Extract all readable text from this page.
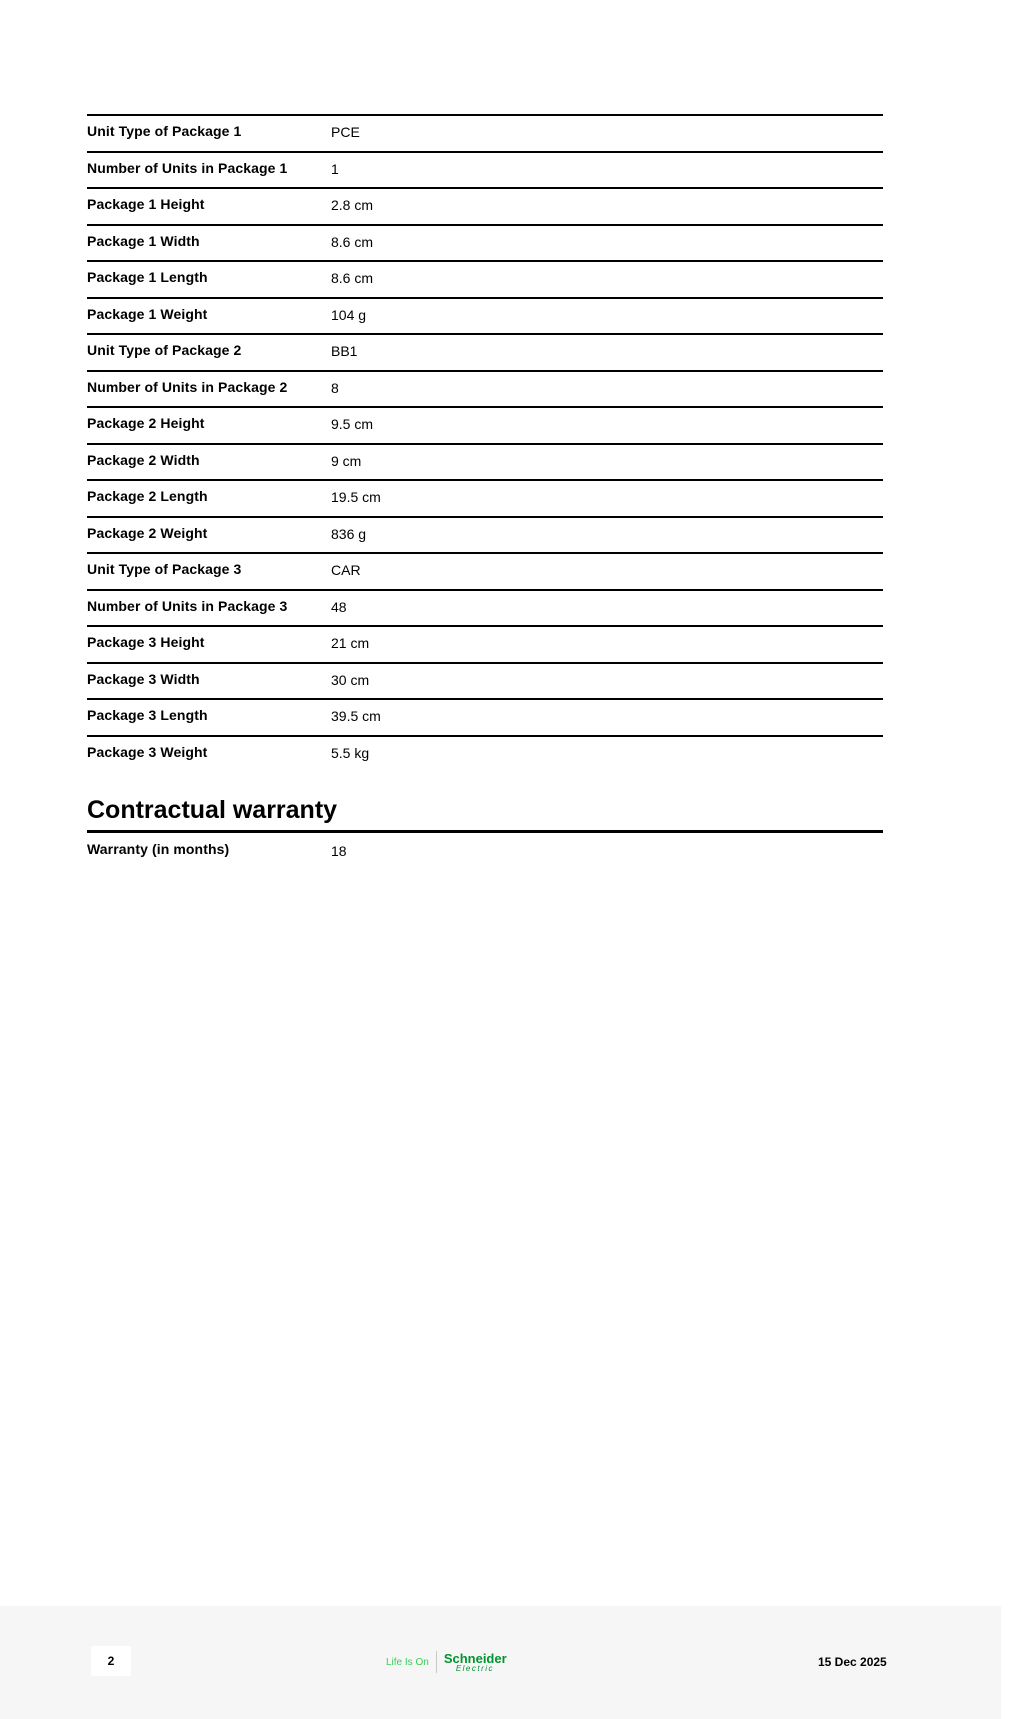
Unit Type of Package 1	PCE
Number of Units in Package 1	1
Package 1 Height	2.8 cm
Package 1 Width	8.6 cm
Package 1 Length	8.6 cm
Package 1 Weight	104 g
Unit Type of Package 2	BB1
Number of Units in Package 2	8
Package 2 Height	9.5 cm
Package 2 Width	9 cm
Package 2 Length	19.5 cm
Package 2 Weight	836 g
Unit Type of Package 3	CAR
Number of Units in Package 3	48
Package 3 Height	21 cm
Package 3 Width	30 cm
Package 3 Length	39.5 cm
Package 3 Weight	5.5 kg
Contractual warranty
Warranty (in months)	18
2	Life Is On Schneider
Electric	15 Dec 2025
